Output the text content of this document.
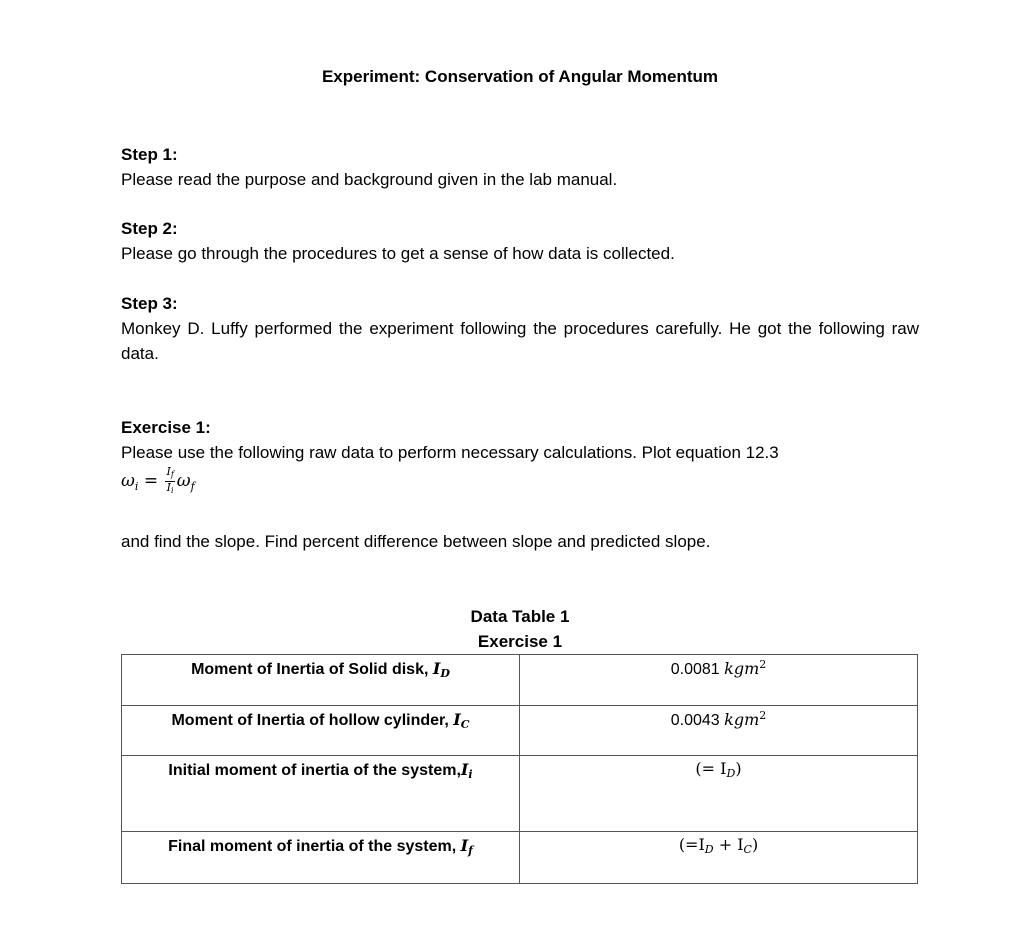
Experiment: Conservation of Angular Momentum
Step 1:
Please read the purpose and background given in the lab manual.
Step 2:
Please go through the procedures to get a sense of how data is collected.
Step 3:
Monkey D. Luffy performed the experiment following the procedures carefully. He got the following raw data.
Exercise 1:
Please use the following raw data to perform necessary calculations. Plot equation 12.3
$\omega_i = \frac{If}{Ii} \omega_f$
and find the slope. Find percent difference between slope and predicted slope.
Data Table 1
Exercise 1
Moment of Inertia of Solid disk, $I_D$	0.0081 kgm$^2$
Moment of Inertia of hollow cylinder, $I_C$	0.0043 kgm$^2$
Initial moment of inertia of the $system,I_i$	(= $I_D$)
Final moment of inertia of the system, $I_f$	$(=I_D + I_C)$
